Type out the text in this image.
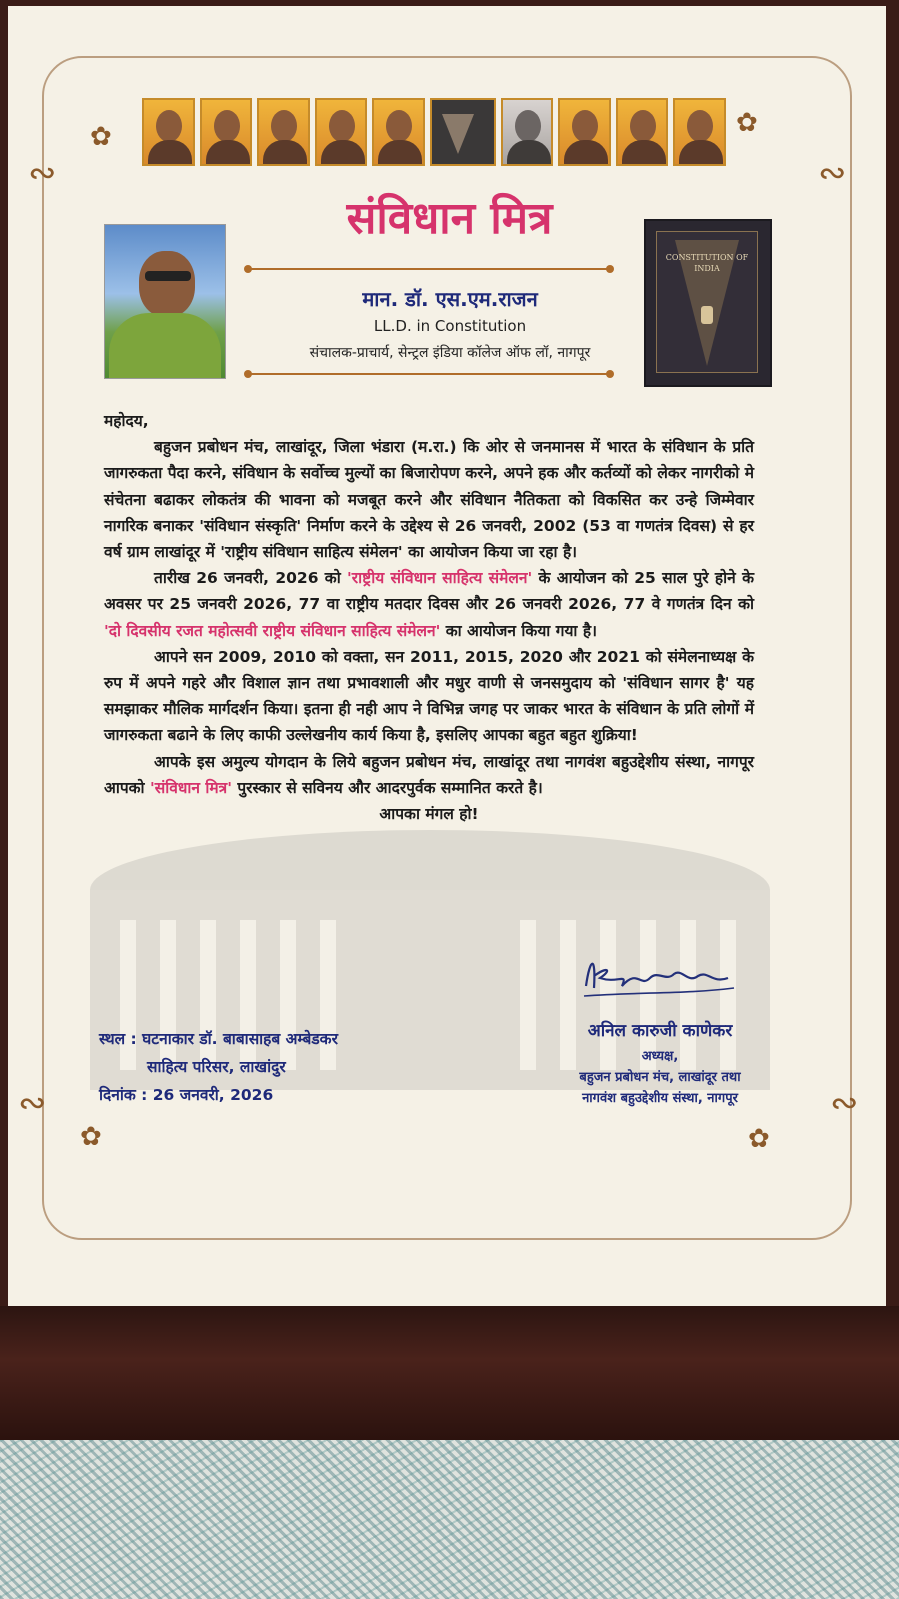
✿	✿
✿	✿
∾	∾
∾	∾
संविधान मित्र
CONSTITUTION OF INDIA
मान. डॉ. एस.एम.राजन
LL.D. in Constitution
संचालक-प्राचार्य, सेन्ट्रल इंडिया कॉलेज ऑफ लॉ, नागपूर

महोदय,

बहुजन प्रबोधन मंच, लाखांदूर, जिला भंडारा (म.रा.) कि ओर से जनमानस में भारत के संविधान के प्रति जागरुकता पैदा करने, संविधान के सर्वोच्च मुल्यों का बिजारोपण करने, अपने हक और कर्तव्यों को लेकर नागरीको मे संचेतना बढाकर लोकतंत्र की भावना को मजबूत करने और संविधान नैतिकता को विकसित कर उन्हे जिम्मेवार नागरिक बनाकर 'संविधान संस्कृति' निर्माण करने के उद्देश्य से 26 जनवरी, 2002 (53 वा गणतंत्र दिवस) से हर वर्ष ग्राम लाखांदूर में 'राष्ट्रीय संविधान साहित्य संमेलन' का आयोजन किया जा रहा है।

तारीख 26 जनवरी, 2026 को 'राष्ट्रीय संविधान साहित्य संमेलन' के आयोजन को 25 साल पुरे होने के अवसर पर 25 जनवरी 2026, 77 वा राष्ट्रीय मतदार दिवस और 26 जनवरी 2026, 77 वे गणतंत्र दिन को 'दो दिवसीय रजत महोत्सवी राष्ट्रीय संविधान साहित्य संमेलन' का आयोजन किया गया है।

आपने सन 2009, 2010 को वक्ता, सन 2011, 2015, 2020 और 2021 को संमेलनाध्यक्ष के रुप में अपने गहरे और विशाल ज्ञान तथा प्रभावशाली और मधुर वाणी से जनसमुदाय को 'संविधान सागर है' यह समझाकर मौलिक मार्गदर्शन किया। इतना ही नही आप ने विभिन्न जगह पर जाकर भारत के संविधान के प्रति लोगों में जागरुकता बढाने के लिए काफी उल्लेखनीय कार्य किया है, इसलिए आपका बहुत बहुत शुक्रिया!

आपके इस अमुल्य योगदान के लिये बहुजन प्रबोधन मंच, लाखांदूर तथा नागवंश बहुउद्देशीय संस्था, नागपूर आपको 'संविधान मित्र' पुरस्कार से सविनय और आदरपुर्वक सम्मानित करते है।

आपका मंगल हो!

स्थल : घटनाकार डॉ. बाबासाहब अम्बेडकर
साहित्य परिसर, लाखांदुर
दिनांक : 26 जनवरी, 2026
अनिल कारुजी काणेकर
अध्यक्ष,
बहुजन प्रबोधन मंच, लाखांदूर तथा
नागवंश बहुउद्देशीय संस्था, नागपूर
